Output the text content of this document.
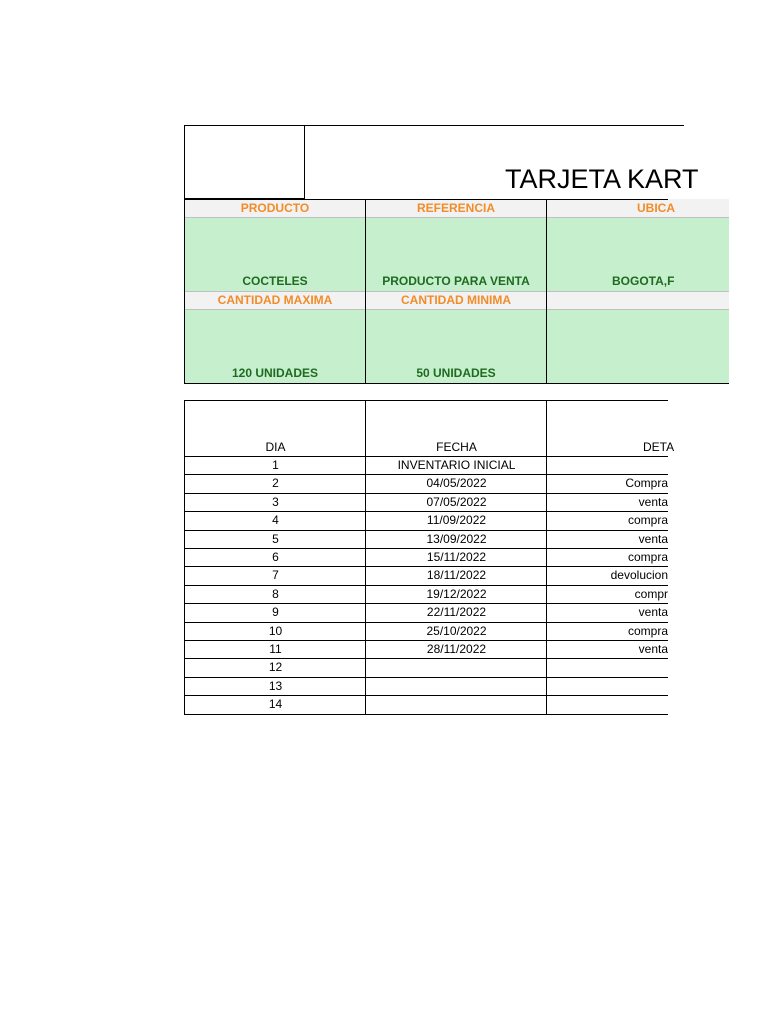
TARJETA KART
PRODUCTO	REFERENCIA	UBICA
COCTELES	PRODUCTO PARA VENTA	BOGOTA,F
CANTIDAD MAXIMA	CANTIDAD MINIMA
120 UNIDADES	50 UNIDADES
DIA	FECHA	DETA
1	INVENTARIO INICIAL
2	04/05/2022	Compra
3	07/05/2022	venta
4	11/09/2022	compra
5	13/09/2022	venta
6	15/11/2022	compra
7	18/11/2022	devolucion
8	19/12/2022	compr
9	22/11/2022	venta
10	25/10/2022	compra
11	28/11/2022	venta
12
13
14
